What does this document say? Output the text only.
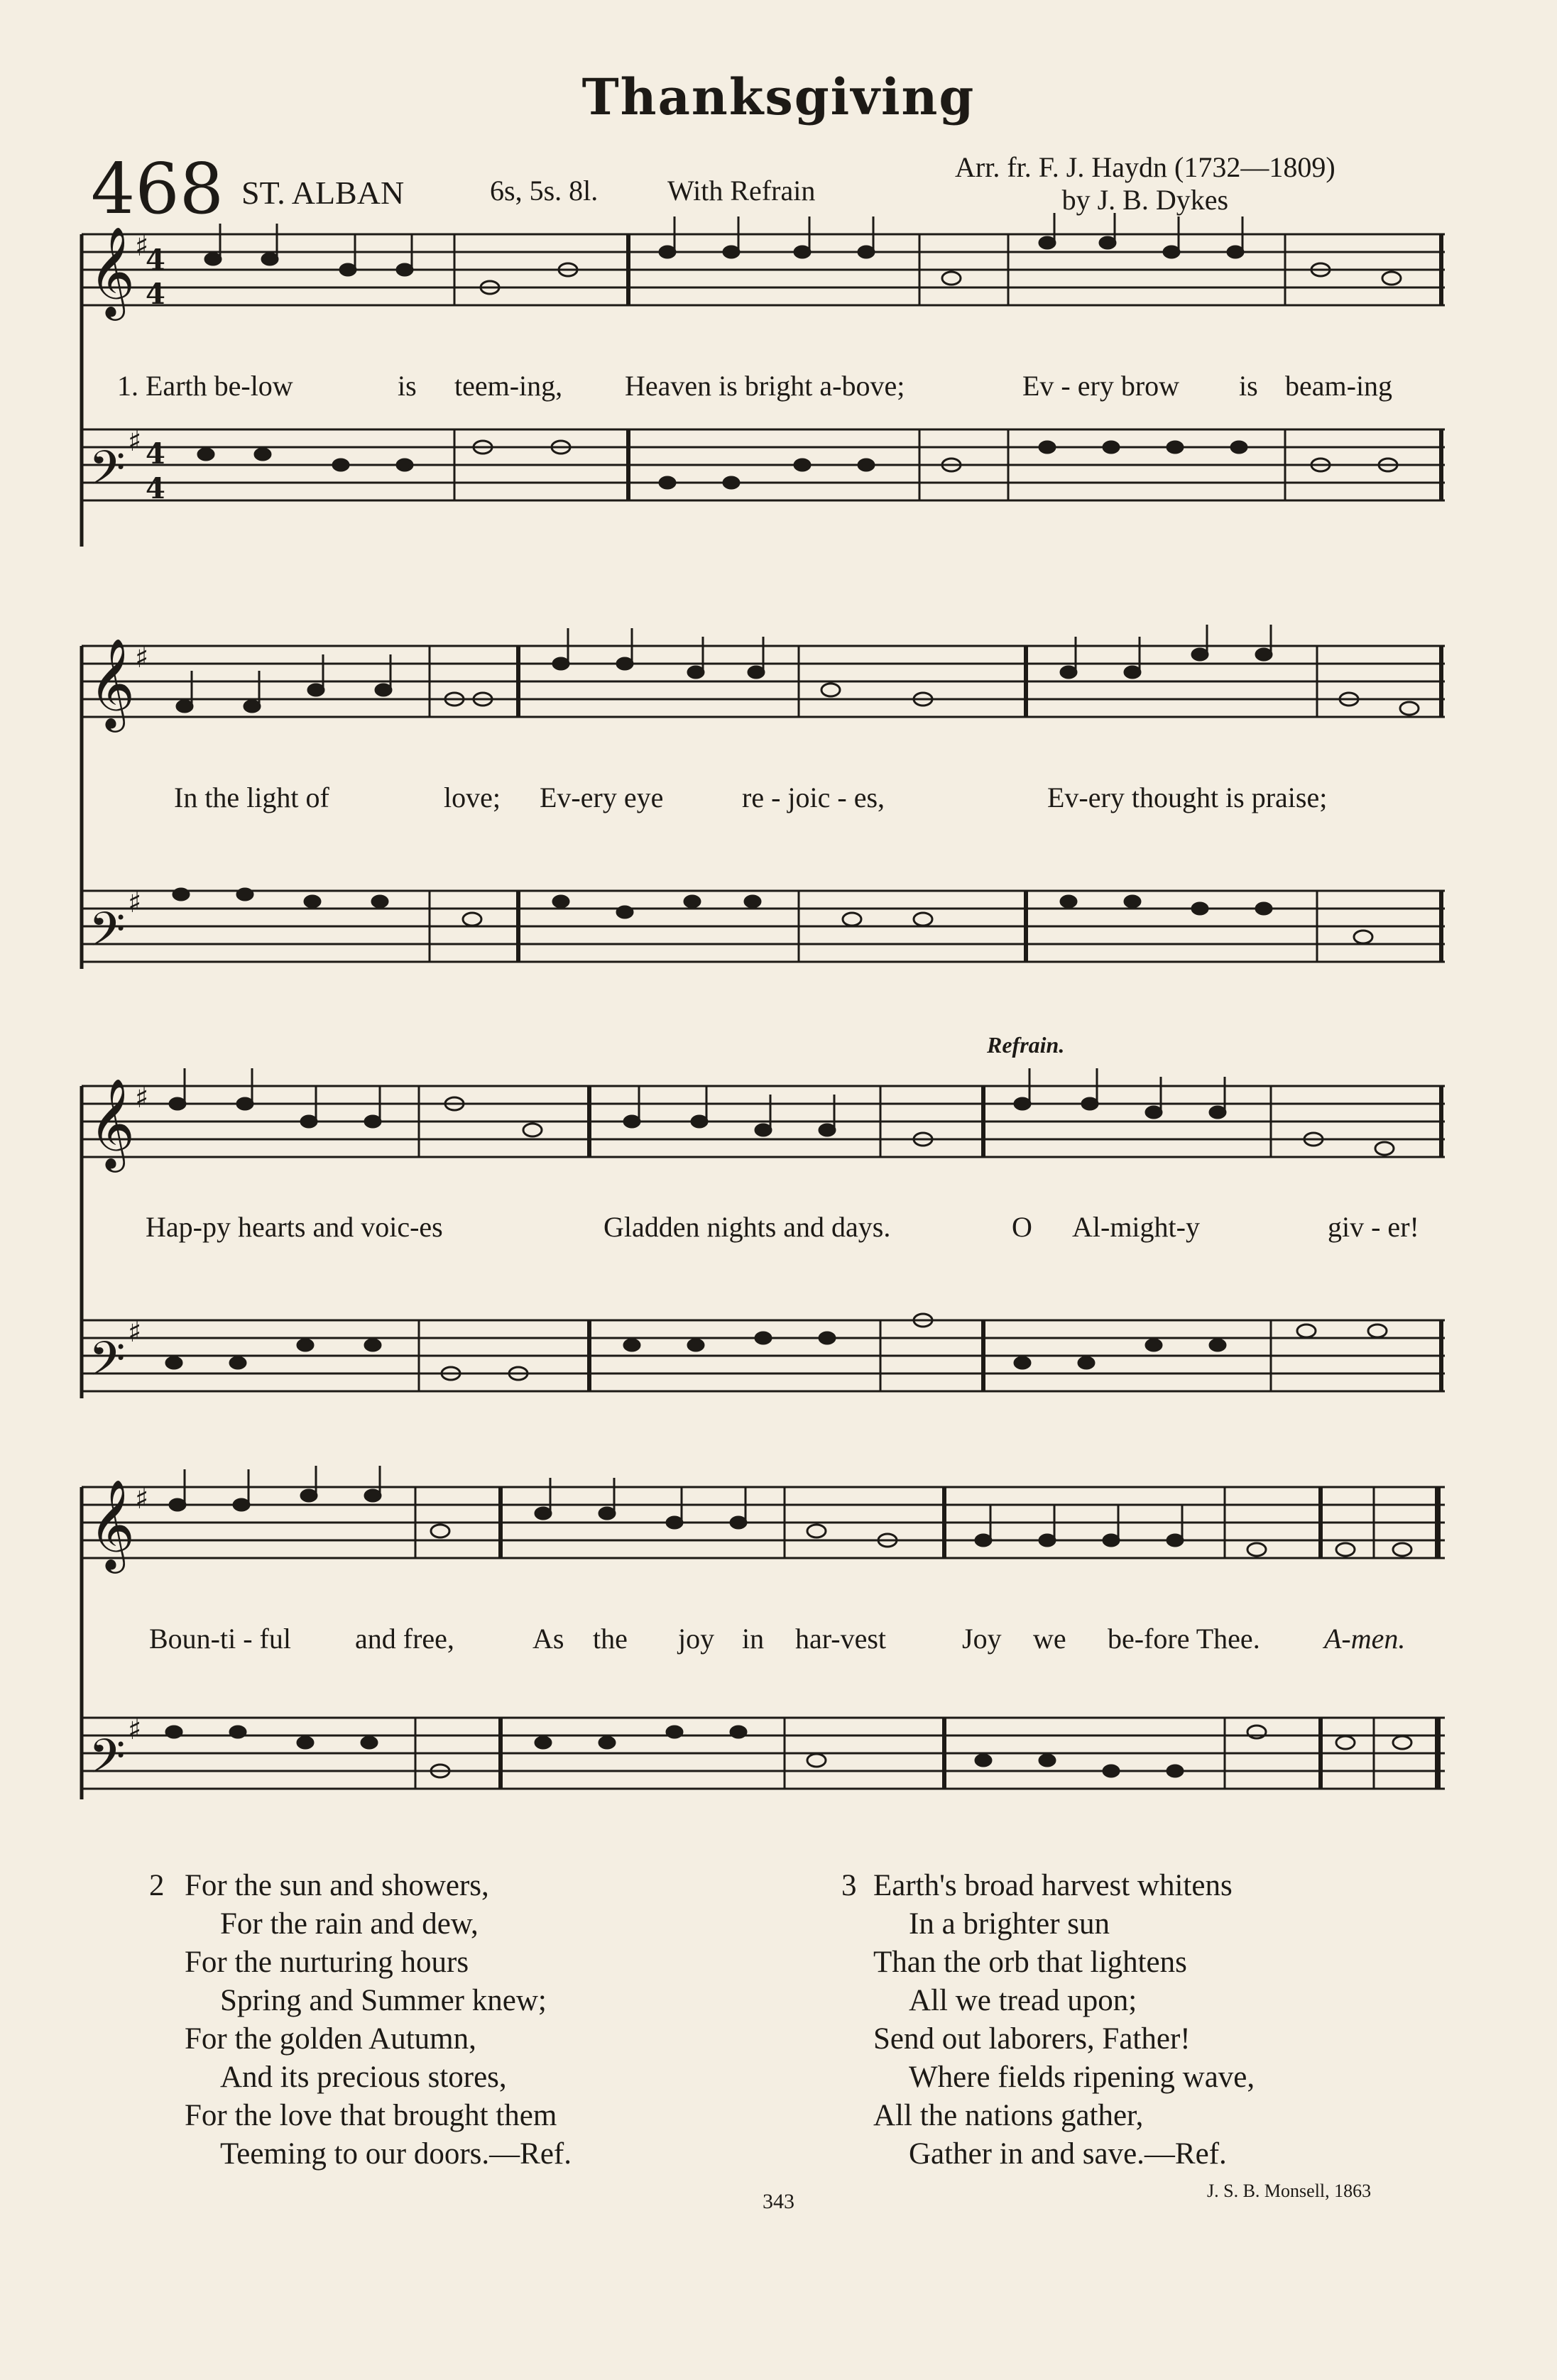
Thanksgiving
468 ST. ALBAN	6s, 5s. 8l. With Refrain
Arr. fr. F. J. Haydn (1732—1809)
by J. B. Dykes
𝄞 ♯
4
4
𝄢 ♯ 4
4
1. Earth be-low	is teem-ing, Heaven is bright a-bove;	Ev - ery brow is beam-ing
𝄞 ♯
𝄢 ♯
In the light of	love; Ev-ery eye	re - joic - es,	Ev-ery thought is praise;
Refrain.
𝄞 ♯
𝄢 ♯
Hap-py hearts and voic-es	Gladden nights and days.	O Al-might-y	giv - er!
𝄞 ♯
𝄢 ♯
Boun-ti - ful and free,	As the joy in har-vest	Joy we be-fore Thee. A-men.
2 For the sun and showers,
For the rain and dew,
For the nurturing hours
Spring and Summer knew;
For the golden Autumn,
And its precious stores,
For the love that brought them
Teeming to our doors.—Ref.
3 Earth's broad harvest whitens
In a brighter sun
Than the orb that lightens
All we tread upon;
Send out laborers, Father!
Where fields ripening wave,
All the nations gather,
Gather in and save.—Ref.
J. S. B. Monsell, 1863
343
